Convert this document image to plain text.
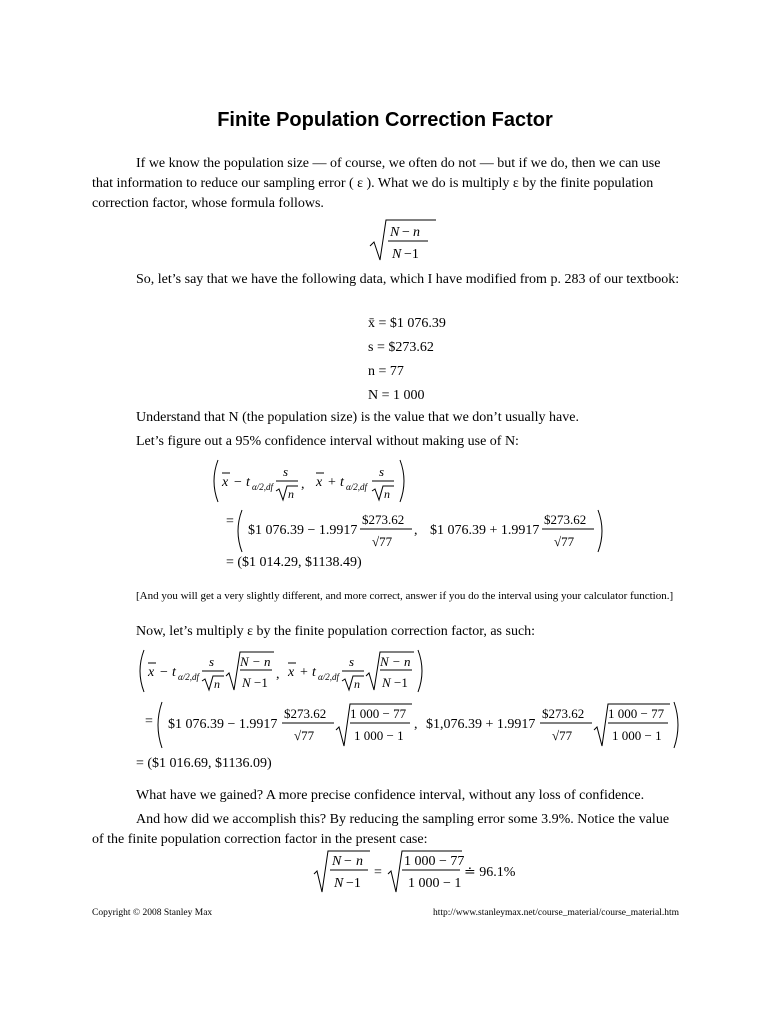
Finite Population Correction Factor
If we know the population size — of course, we often do not — but if we do, then we can use that information to reduce our sampling error ( ε ). What we do is multiply ε by the finite population correction factor, whose formula follows.
N − n
N −1
So, let’s say that we have the following data, which I have modified from p. 283 of our textbook:
x̄ = $1 076.39
s = $273.62
n = 77
N = 1 000
Understand that N (the population size) is the value that we don’t usually have.
Let’s figure out a 95% confidence interval without making use of N:
x − t α/2,df
s
n
, x + t α/2,df
s
n
=
$1 076.39 − 1.9917
$273.62
√77
, $1 076.39 + 1.9917
$273.62
√77
= ($1 014.29, $1138.49)
[And you will get a very slightly different, and more correct, answer if you do the interval using your calculator function.]
Now, let’s multiply ε by the finite population correction factor, as such:
x − t α/2,df
s
n
N − n
N −1
, x + t α/2,df
s
n
N − n
N −1
= $1 076.39 − 1.9917
$273.62
√77
1 000 − 77
1 000 − 1
, $1,076.39 + 1.9917
$273.62
√77
1 000 − 77
1 000 − 1
= ($1 016.69, $1136.09)
What have we gained? A more precise confidence interval, without any loss of confidence.
And how did we accomplish this? By reducing the sampling error some 3.9%. Notice the value of the finite population correction factor in the present case:
N − n
N −1
=
1 000 − 77
1 000 − 1
≐ 96.1%
Copyright © 2008 Stanley Max	http://www.stanleymax.net/course_material/course_material.htm
